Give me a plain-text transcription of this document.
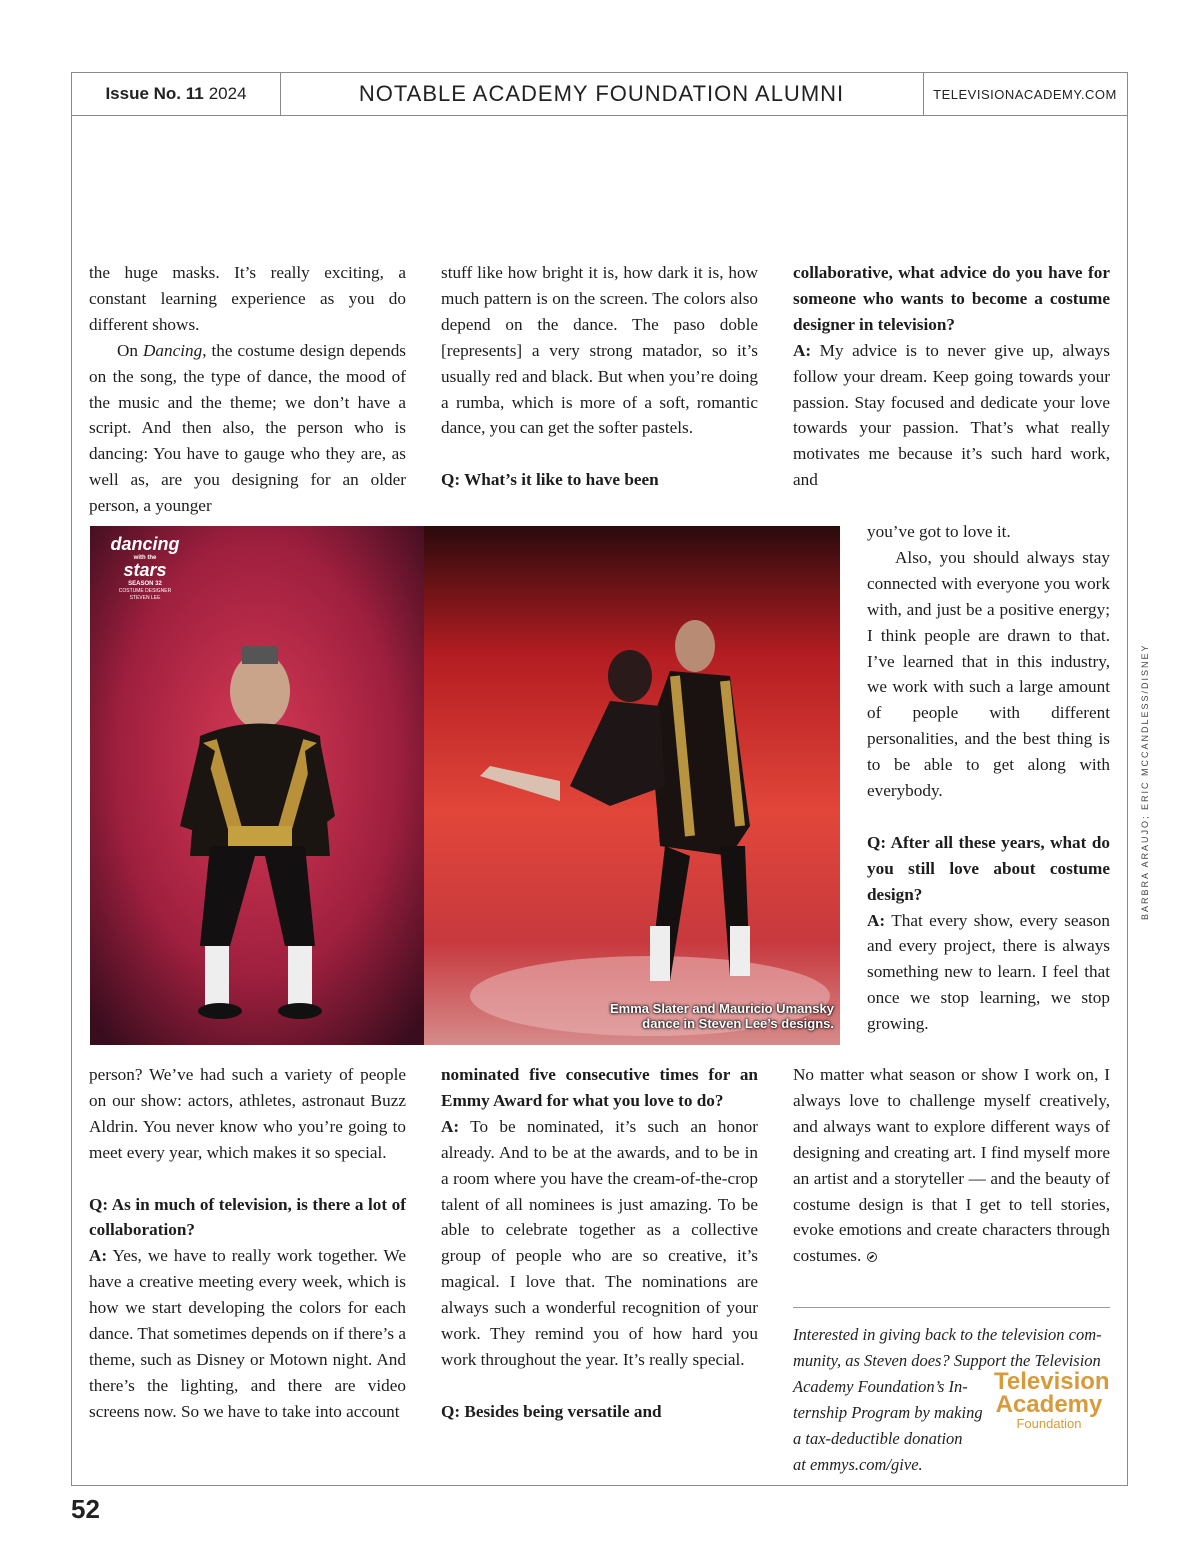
Issue No. 11 2024	NOTABLE ACADEMY FOUNDATION ALUMNI	TELEVISIONACADEMY.COM

the huge masks. It’s really exciting, a constant learning experience as you do different shows.

On Dancing, the costume design depends on the song, the type of dance, the mood of the music and the theme; we don’t have a script. And then also, the person who is dancing: You have to gauge who they are, as well as, are you designing for an older person, a younger

stuff like how bright it is, how dark it is, how much pattern is on the screen. The colors also depend on the dance. The paso doble [represents] a very strong matador, so it’s usually red and black. But when you’re doing a rumba, which is more of a soft, romantic dance, you can get the softer pastels.

Q: What’s it like to have been

collaborative, what advice do you have for someone who wants to become a costume designer in television?

A: My advice is to never give up, always follow your dream. Keep going towards your passion. Stay focused and dedicate your love towards your passion. That’s what really motivates me because it’s such hard work, and

dancing
with the
stars
SEASON 32
COSTUME DESIGNER
STEVEN LEE
Emma Slater and Mauricio Umansky
dance in Steven Lee’s designs.

you’ve got to love it.

Also, you should always stay connected with everyone you work with, and just be a positive energy; I think people are drawn to that. I’ve learned that in this industry, we work with such a large amount of people with different personalities, and the best thing is to be able to get along with everybody.

Q: After all these years, what do you still love about costume design?

A: That every show, every season and every project, there is always something new to learn. I feel that once we stop learning, we stop growing.

person? We’ve had such a variety of people on our show: actors, athletes, astronaut Buzz Aldrin. You never know who you’re going to meet every year, which makes it so special.

Q: As in much of television, is there a lot of collaboration?

A: Yes, we have to really work together. We have a creative meeting every week, which is how we start developing the colors for each dance. That sometimes depends on if there’s a theme, such as Disney or Motown night. And there’s the lighting, and there are video screens now. So we have to take into account

nominated five consecutive times for an Emmy Award for what you love to do?

A: To be nominated, it’s such an honor already. And to be at the awards, and to be in a room where you have the cream-of-the-crop talent of all nominees is just amazing. To be able to celebrate together as a collective group of people who are so creative, it’s magical. I love that. The nominations are always such a wonderful recognition of your work. They remind you of how hard you work throughout the year. It’s really special.

Q: Besides being versatile and

No matter what season or show I work on, I always love to challenge myself creatively, and always want to explore different ways of designing and creating art. I find myself more an artist and a storyteller — and the beauty of costume design is that I get to tell stories, evoke emotions and create characters through costumes.

Interested in giving back to the television com-
munity, as Steven does? Support the Television
Academy Foundation’s In-
ternship Program by making
a tax-deductible donation
at emmys.com/give.
Television
Academy
Foundation
BARBRA ARAUJO; ERIC MCCANDLESS/DISNEY
52
